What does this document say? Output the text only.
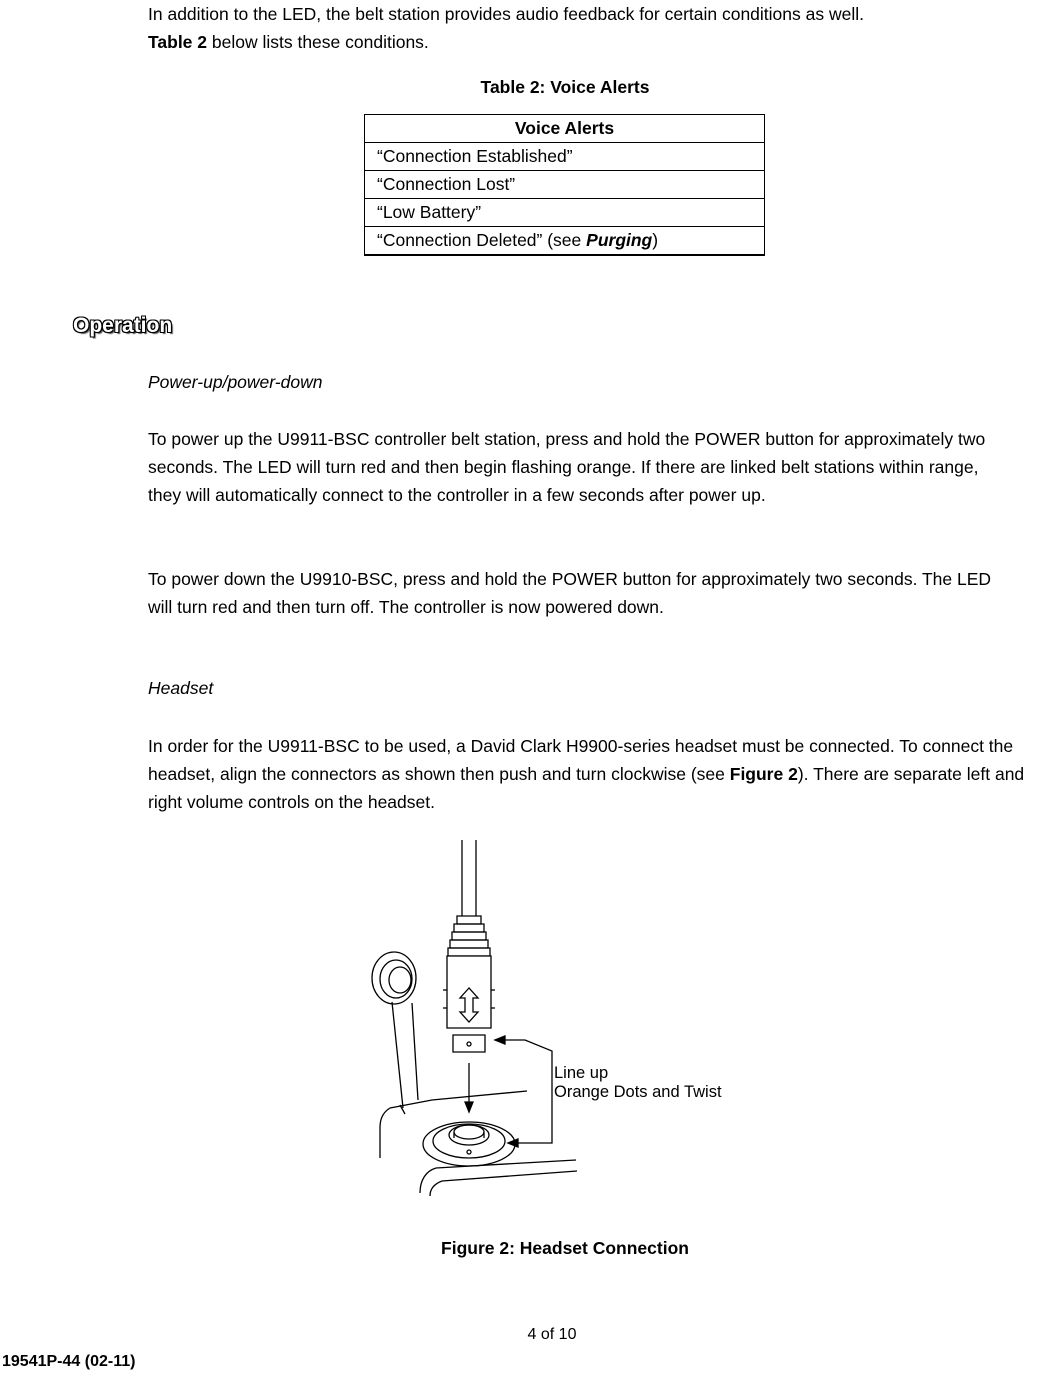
In addition to the LED, the belt station provides audio feedback for certain conditions as well.
Table 2 below lists these conditions.

Table 2: Voice Alerts
Voice Alerts
“Connection Established”
“Connection Lost”
“Low Battery”
“Connection Deleted” (see Purging)
Operation
Power-up/power-down

To power up the U9911-BSC controller belt station, press and hold the POWER button for approximately two seconds. The LED will turn red and then begin flashing orange. If there are linked belt stations within range, they will automatically connect to the controller in a few seconds after power up.

To power down the U9910-BSC, press and hold the POWER button for approximately two seconds. The LED will turn red and then turn off. The controller is now powered down.

Headset

In order for the U9911-BSC to be used, a David Clark H9900-series headset must be connected. To connect the headset, align the connectors as shown then push and turn clockwise (see Figure 2). There are separate left and right volume controls on the headset.

Line up
Orange Dots and Twist
Figure 2: Headset Connection
4 of 10
19541P-44 (02-11)
